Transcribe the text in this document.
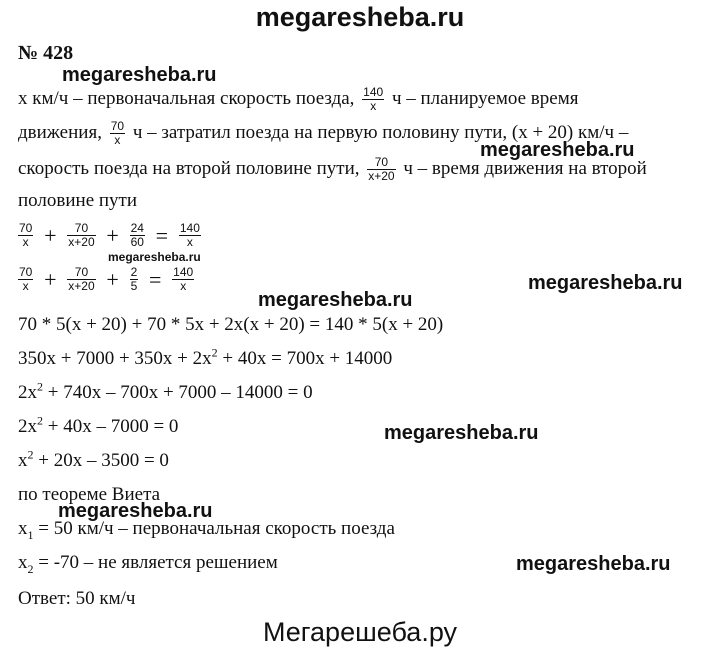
megaresheba.ru
№ 428
megaresheba.ru
x км/ч – первоначальная скорость поезда, $\frac{140}{x}$ ч – планируемое время
движения, $\frac{70}{x}$ ч – затратил поезда на первую половину пути, (x + 20) км/ч –
megaresheba.ru
скорость поезда на второй половине пути, $\frac{70}{x+20}$ ч – время движения на второй
половине пути
$\frac{70}{x} + \frac{70}{x+20} + \frac{24}{60} = \frac{140}{x}$
megaresheba.ru
$\frac{70}{x} + \frac{70}{x+20} + \frac{2}{5} = \frac{140}{x}$	megaresheba.ru
megaresheba.ru
70 * 5(x + 20) + 70 * 5x + 2x(x + 20) = 140 * 5(x + 20)
$350x + 7000 + 350x + 2x^2 + 40x = 700x + 14000$
$2x^2 + 740x - 700x + 7000 - 14000 = 0$
$2x^2 + 40x - 7000 = 0$	megaresheba.ru
$x^2 + 20x - 3500 = 0$
по теореме Виета
megaresheba.ru
$x_1 = 50$ км/ч – первоначальная скорость поезда
$x_2 = -70$ – не является решением	megaresheba.ru
Ответ: 50 км/ч
Мегарешеба.ру
